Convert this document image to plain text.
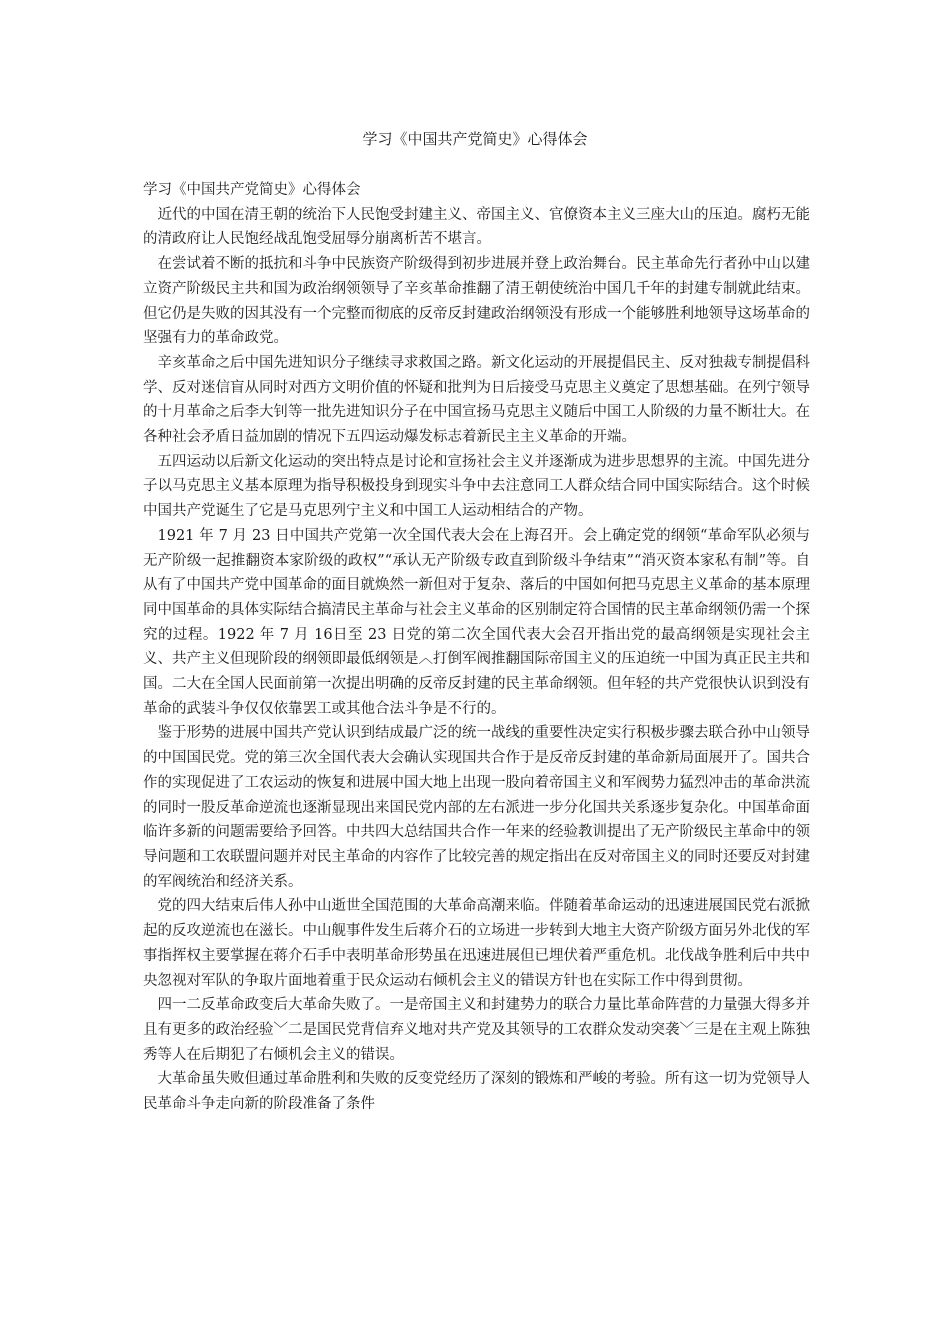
学习《中国共产党简史》心得体会

学习《中国共产党简史》心得体会

近代的中国在清王朝的统治下人民饱受封建主义、帝国主义、官僚资本主义三座大山的压迫。腐朽无能的清政府让人民饱经战乱饱受屈辱分崩离析苦不堪言。

在尝试着不断的抵抗和斗争中民族资产阶级得到初步进展并登上政治舞台。民主革命先行者孙中山以建立资产阶级民主共和国为政治纲领领导了辛亥革命推翻了清王朝使统治中国几千年的封建专制就此结束。但它仍是失败的因其没有一个完整而彻底的反帝反封建政治纲领没有形成一个能够胜利地领导这场革命的坚强有力的革命政党。

辛亥革命之后中国先进知识分子继续寻求救国之路。新文化运动的开展提倡民主、反对独裁专制提倡科学、反对迷信盲从同时对西方文明价值的怀疑和批判为日后接受马克思主义奠定了思想基础。在列宁领导的十月革命之后李大钊等一批先进知识分子在中国宣扬马克思主义随后中国工人阶级的力量不断壮大。在各种社会矛盾日益加剧的情况下五四运动爆发标志着新民主主义革命的开端。

五四运动以后新文化运动的突出特点是讨论和宣扬社会主义并逐渐成为进步思想界的主流。中国先进分子以马克思主义基本原理为指导积极投身到现实斗争中去注意同工人群众结合同中国实际结合。这个时候中国共产党诞生了它是马克思列宁主义和中国工人运动相结合的产物。

1921 年 7 月 23 日中国共产党第一次全国代表大会在上海召开。会上确定党的纲领“革命军队必须与无产阶级一起推翻资本家阶级的政权”“承认无产阶级专政直到阶级斗争结束”“消灭资本家私有制”等。自从有了中国共产党中国革命的面目就焕然一新但对于复杂、落后的中国如何把马克思主义革命的基本原理同中国革命的具体实际结合搞清民主革命与社会主义革命的区别制定符合国情的民主革命纲领仍需一个探究的过程。1922 年 7 月 16日至 23 日党的第二次全国代表大会召开指出党的最高纲领是实现社会主义、共产主义但现阶段的纲领即最低纲领是︿打倒军阀推翻国际帝国主义的压迫统一中国为真正民主共和国。二大在全国人民面前第一次提出明确的反帝反封建的民主革命纲领。但年轻的共产党很快认识到没有革命的武装斗争仅仅依靠罢工或其他合法斗争是不行的。

鉴于形势的进展中国共产党认识到结成最广泛的统一战线的重要性决定实行积极步骤去联合孙中山领导的中国国民党。党的第三次全国代表大会确认实现国共合作于是反帝反封建的革命新局面展开了。国共合作的实现促进了工农运动的恢复和进展中国大地上出现一股向着帝国主义和军阀势力猛烈冲击的革命洪流的同时一股反革命逆流也逐渐显现出来国民党内部的左右派进一步分化国共关系逐步复杂化。中国革命面临许多新的问题需要给予回答。中共四大总结国共合作一年来的经验教训提出了无产阶级民主革命中的领导问题和工农联盟问题并对民主革命的内容作了比较完善的规定指出在反对帝国主义的同时还要反对封建的军阀统治和经济关系。

党的四大结束后伟人孙中山逝世全国范围的大革命高潮来临。伴随着革命运动的迅速进展国民党右派掀起的反攻逆流也在滋长。中山舰事件发生后蒋介石的立场进一步转到大地主大资产阶级方面另外北伐的军事指挥权主要掌握在蒋介石手中表明革命形势虽在迅速进展但已埋伏着严重危机。北伐战争胜利后中共中央忽视对军队的争取片面地着重于民众运动右倾机会主义的错误方针也在实际工作中得到贯彻。

四一二反革命政变后大革命失败了。一是帝国主义和封建势力的联合力量比革命阵营的力量强大得多并且有更多的政治经验﹀二是国民党背信弃义地对共产党及其领导的工农群众发动突袭﹀三是在主观上陈独秀等人在后期犯了右倾机会主义的错误。

大革命虽失败但通过革命胜利和失败的反变党经历了深刻的锻炼和严峻的考验。所有这一切为党领导人民革命斗争走向新的阶段准备了条件
